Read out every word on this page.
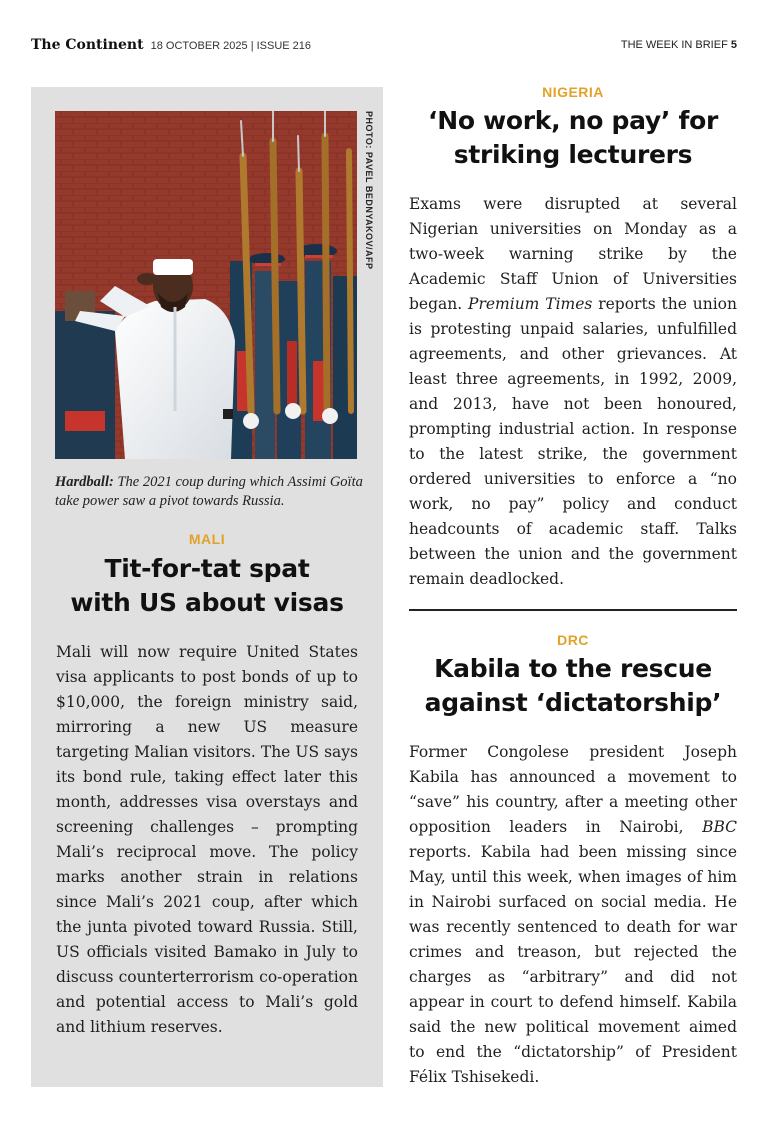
The Continent 18 OCTOBER 2025 | ISSUE 216	THE WEEK IN BRIEF 5
PHOTO: PAVEL BEDNYAKOV/AFP
Hardball: The 2021 coup during which Assimi Goïta take power saw a pivot towards Russia.
MALI
Tit-for-tat spat
with US about visas
Mali will now require United States visa applicants to post bonds of up to $10,000, the foreign ministry said, mirroring a new US measure targeting Malian visitors. The US says its bond rule, taking effect later this month, addresses visa overstays and screening challenges – prompting Mali’s reciprocal move. The policy marks another strain in relations since Mali’s 2021 coup, after which the junta pivoted toward Russia. Still, US officials visited Bamako in July to discuss counterterrorism co-operation and potential access to Mali’s gold and lithium reserves.
NIGERIA
‘No work, no pay’ for
striking lecturers
Exams were disrupted at several Nigerian universities on Monday as a two-week warning strike by the Academic Staff Union of Universities began. Premium Times reports the union is protesting unpaid salaries, unfulfilled agreements, and other grievances. At least three agreements, in 1992, 2009, and 2013, have not been honoured, prompting industrial action. In response to the latest strike, the government ordered universities to enforce a “no work, no pay” policy and conduct headcounts of academic staff. Talks between the union and the government remain deadlocked.
DRC
Kabila to the rescue
against ‘dictatorship’
Former Congolese president Joseph Kabila has announced a movement to “save” his country, after a meeting other opposition leaders in Nairobi, BBC reports. Kabila had been missing since May, until this week, when images of him in Nairobi surfaced on social media. He was recently sentenced to death for war crimes and treason, but rejected the charges as “arbitrary” and did not appear in court to defend himself. Kabila said the new political movement aimed to end the “dictatorship” of President Félix Tshisekedi.
